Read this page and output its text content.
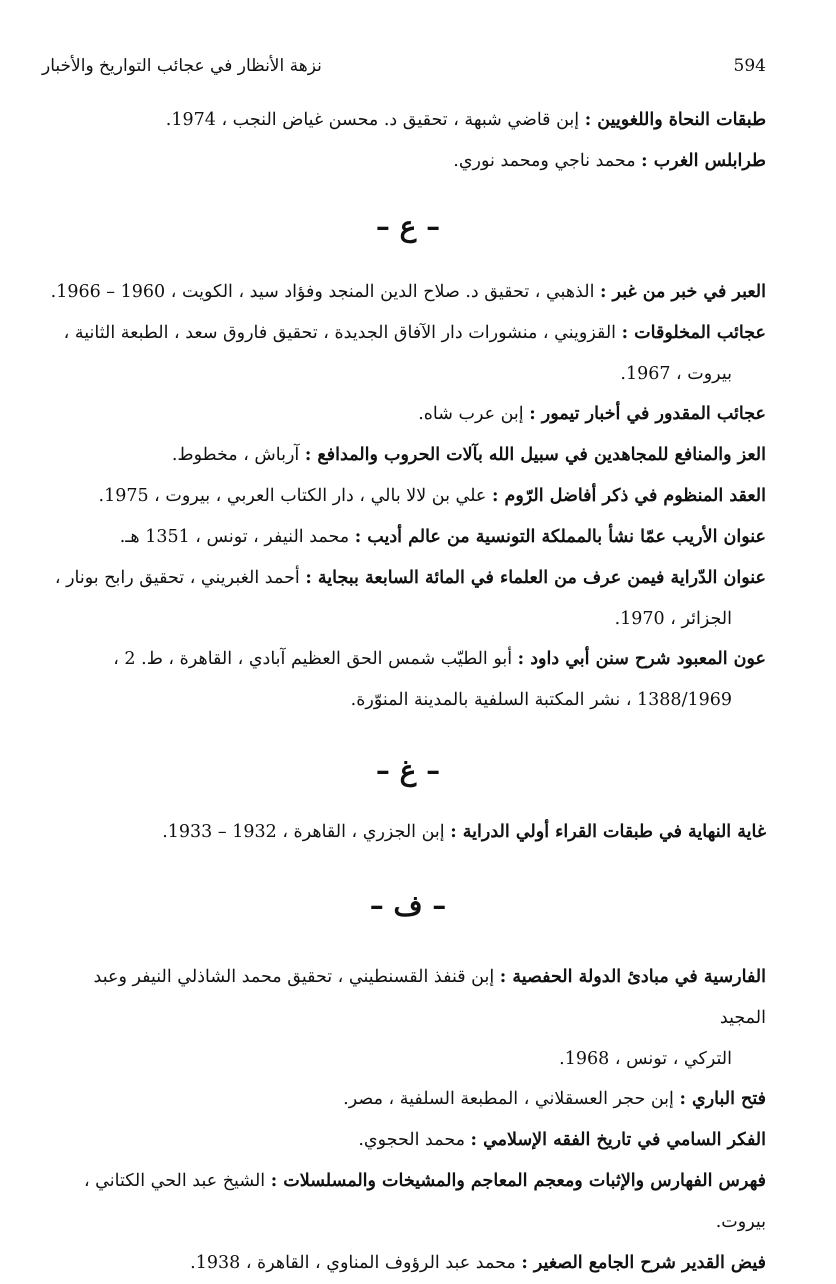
نزهة الأنظار في عجائب التواريخ والأخبار	594

طبقات النحاة واللغويين : إبن قاضي شبهة ، تحقيق د. محسن غياض النجب ، 1974.

طرابلس الغرب : محمد ناجي ومحمد نوري.

– ع –

العبر في خبر من غبر : الذهبي ، تحقيق د. صلاح الدين المنجد وفؤاد سيد ، الكويت ، 1960 – 1966.

عجائب المخلوقات : القزويني ، منشورات دار الآفاق الجديدة ، تحقيق فاروق سعد ، الطبعة الثانية ،
بيروت ، 1967.

عجائب المقدور في أخبار تيمور : إبن عرب شاه.

العز والمنافع للمجاهدين في سبيل الله بآلات الحروب والمدافع : آرباش ، مخطوط.

العقد المنظوم في ذكر أفاضل الرّوم : علي بن لالا بالي ، دار الكتاب العربي ، بيروت ، 1975.

عنوان الأريب عمّا نشأ بالمملكة التونسية من عالم أديب : محمد النيفر ، تونس ، 1351 هـ.

عنوان الدّراية فيمن عرف من العلماء في المائة السابعة ببجاية : أحمد الغبريني ، تحقيق رابح بونار ،
الجزائر ، 1970.

عون المعبود شرح سنن أبي داود : أبو الطيّب شمس الحق العظيم آبادي ، القاهرة ، ط. 2 ،
1388/1969 ، نشر المكتبة السلفية بالمدينة المنوّرة.

– غ –

غاية النهاية في طبقات القراء أولي الدراية : إبن الجزري ، القاهرة ، 1932 – 1933.

– ف –

الفارسية في مبادئ الدولة الحفصية : إبن قنفذ القسنطيني ، تحقيق محمد الشاذلي النيفر وعبد المجيد
التركي ، تونس ، 1968.

فتح الباري : إبن حجر العسقلاني ، المطبعة السلفية ، مصر.

الفكر السامي في تاريخ الفقه الإسلامي : محمد الحجوي.

فهرس الفهارس والإثبات ومعجم المعاجم والمشيخات والمسلسلات : الشيخ عبد الحي الكتاني ، بيروت.

فيض القدير شرح الجامع الصغير : محمد عبد الرؤوف المناوي ، القاهرة ، 1938.
